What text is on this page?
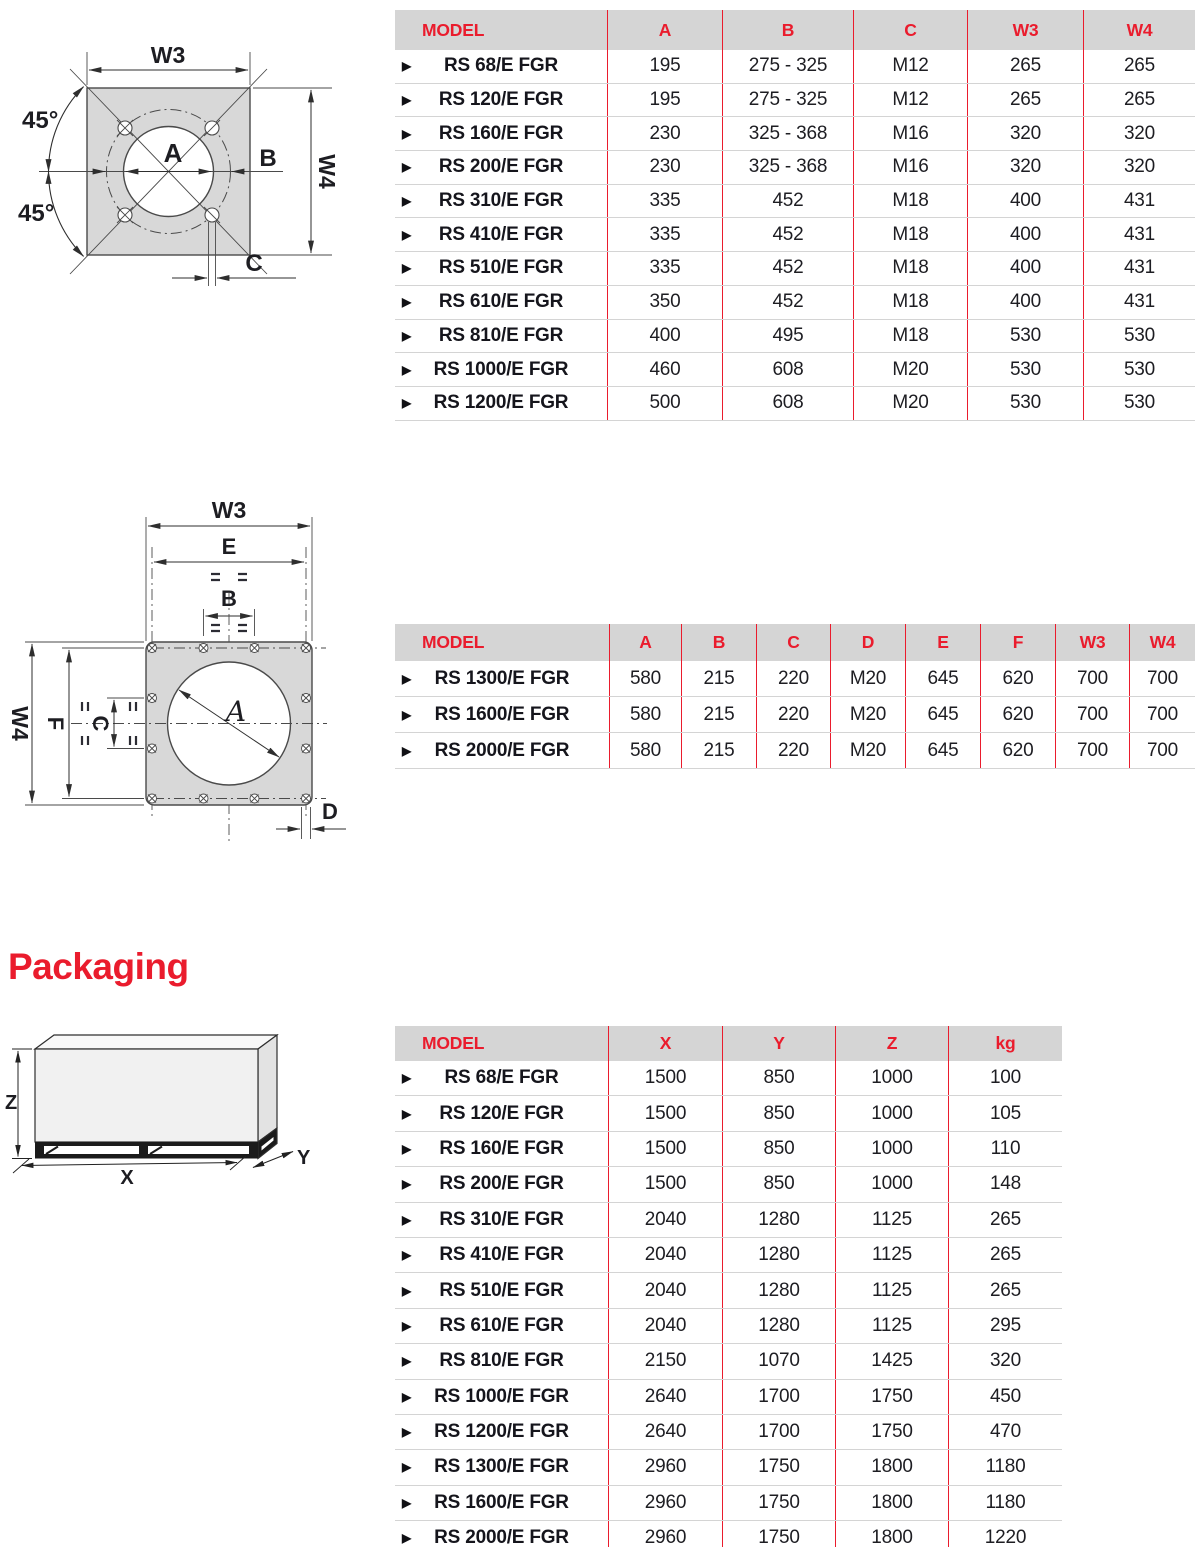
W3
W4
45°
45°
A	B
C
MODEL	A	B	C	W3	W4
▶ RS 68/E FGR	195	275 - 325	M12	265	265
▶ RS 120/E FGR	195	275 - 325	M12	265	265
▶ RS 160/E FGR	230	325 - 368	M16	320	320
▶ RS 200/E FGR	230	325 - 368	M16	320	320
▶ RS 310/E FGR	335	452	M18	400	431
▶ RS 410/E FGR	335	452	M18	400	431
▶ RS 510/E FGR	335	452	M18	400	431
▶ RS 610/E FGR	350	452	M18	400	431
▶ RS 810/E FGR	400	495	M18	530	530
▶ RS 1000/E FGR	460	608	M20	530	530
▶ RS 1200/E FGR	500	608	M20	530	530
W3
E
B
W4 F C	A
D
MODEL	A	B	C	D	E	F	W3	W4
▶ RS 1300/E FGR	580	215	220	M20	645	620	700	700
▶ RS 1600/E FGR	580	215	220	M20	645	620	700	700
▶ RS 2000/E FGR	580	215	220	M20	645	620	700	700
Packaging
Z
X
Y
MODEL	X	Y	Z	kg
▶ RS 68/E FGR	1500	850	1000	100
▶ RS 120/E FGR	1500	850	1000	105
▶ RS 160/E FGR	1500	850	1000	110
▶ RS 200/E FGR	1500	850	1000	148
▶ RS 310/E FGR	2040	1280	1125	265
▶ RS 410/E FGR	2040	1280	1125	265
▶ RS 510/E FGR	2040	1280	1125	265
▶ RS 610/E FGR	2040	1280	1125	295
▶ RS 810/E FGR	2150	1070	1425	320
▶ RS 1000/E FGR	2640	1700	1750	450
▶ RS 1200/E FGR	2640	1700	1750	470
▶ RS 1300/E FGR	2960	1750	1800	1180
▶ RS 1600/E FGR	2960	1750	1800	1180
▶ RS 2000/E FGR	2960	1750	1800	1220
